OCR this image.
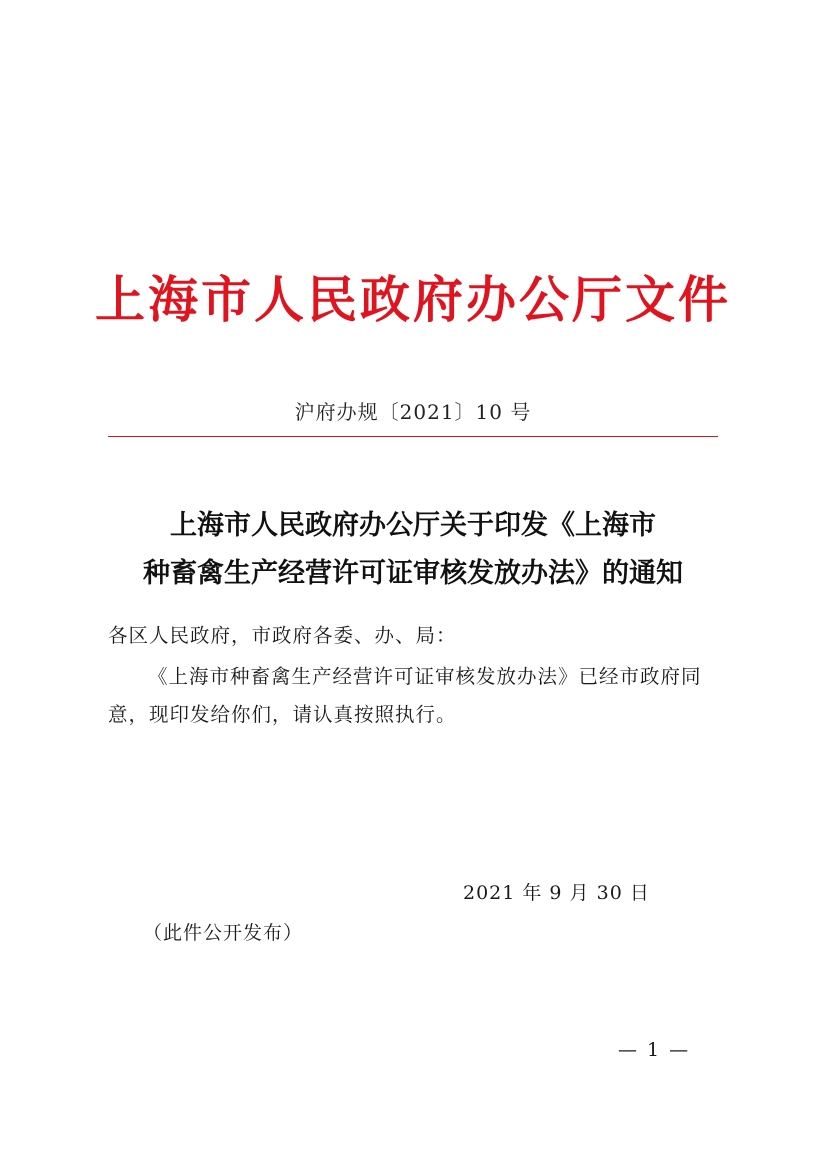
上海市人民政府办公厅文件
沪府办规〔2021〕10 号
上海市人民政府办公厅关于印发《上海市
种畜禽生产经营许可证审核发放办法》的通知
各区人民政府，市政府各委、办、局：
《上海市种畜禽生产经营许可证审核发放办法》已经市政府同意，现印发给你们，请认真按照执行。
2021 年 9 月 30 日
（此件公开发布）
— 1 —
